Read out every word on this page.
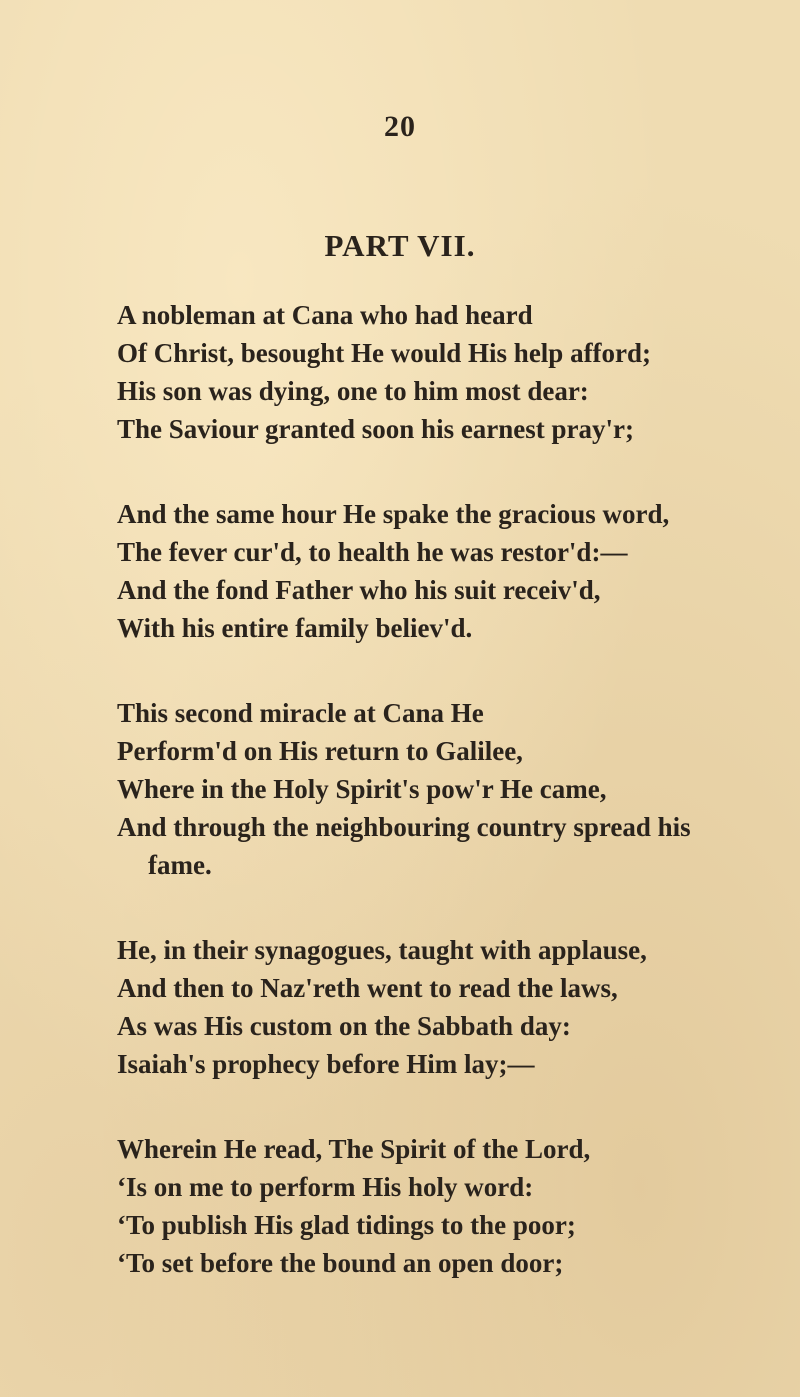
20
PART VII.
A nobleman at Cana who had heard
Of Christ, besought He would His help afford;
His son was dying, one to him most dear:
The Saviour granted soon his earnest pray'r;
And the same hour He spake the gracious word,
The fever cur'd, to health he was restor'd:—
And the fond Father who his suit receiv'd,
With his entire family believ'd.
This second miracle at Cana He
Perform'd on His return to Galilee,
Where in the Holy Spirit's pow'r He came,
And through the neighbouring country spread his
fame.
He, in their synagogues, taught with applause,
And then to Naz'reth went to read the laws,
As was His custom on the Sabbath day:
Isaiah's prophecy before Him lay;—
Wherein He read, The Spirit of the Lord,
‘Is on me to perform His holy word:
‘To publish His glad tidings to the poor;
‘To set before the bound an open door;
